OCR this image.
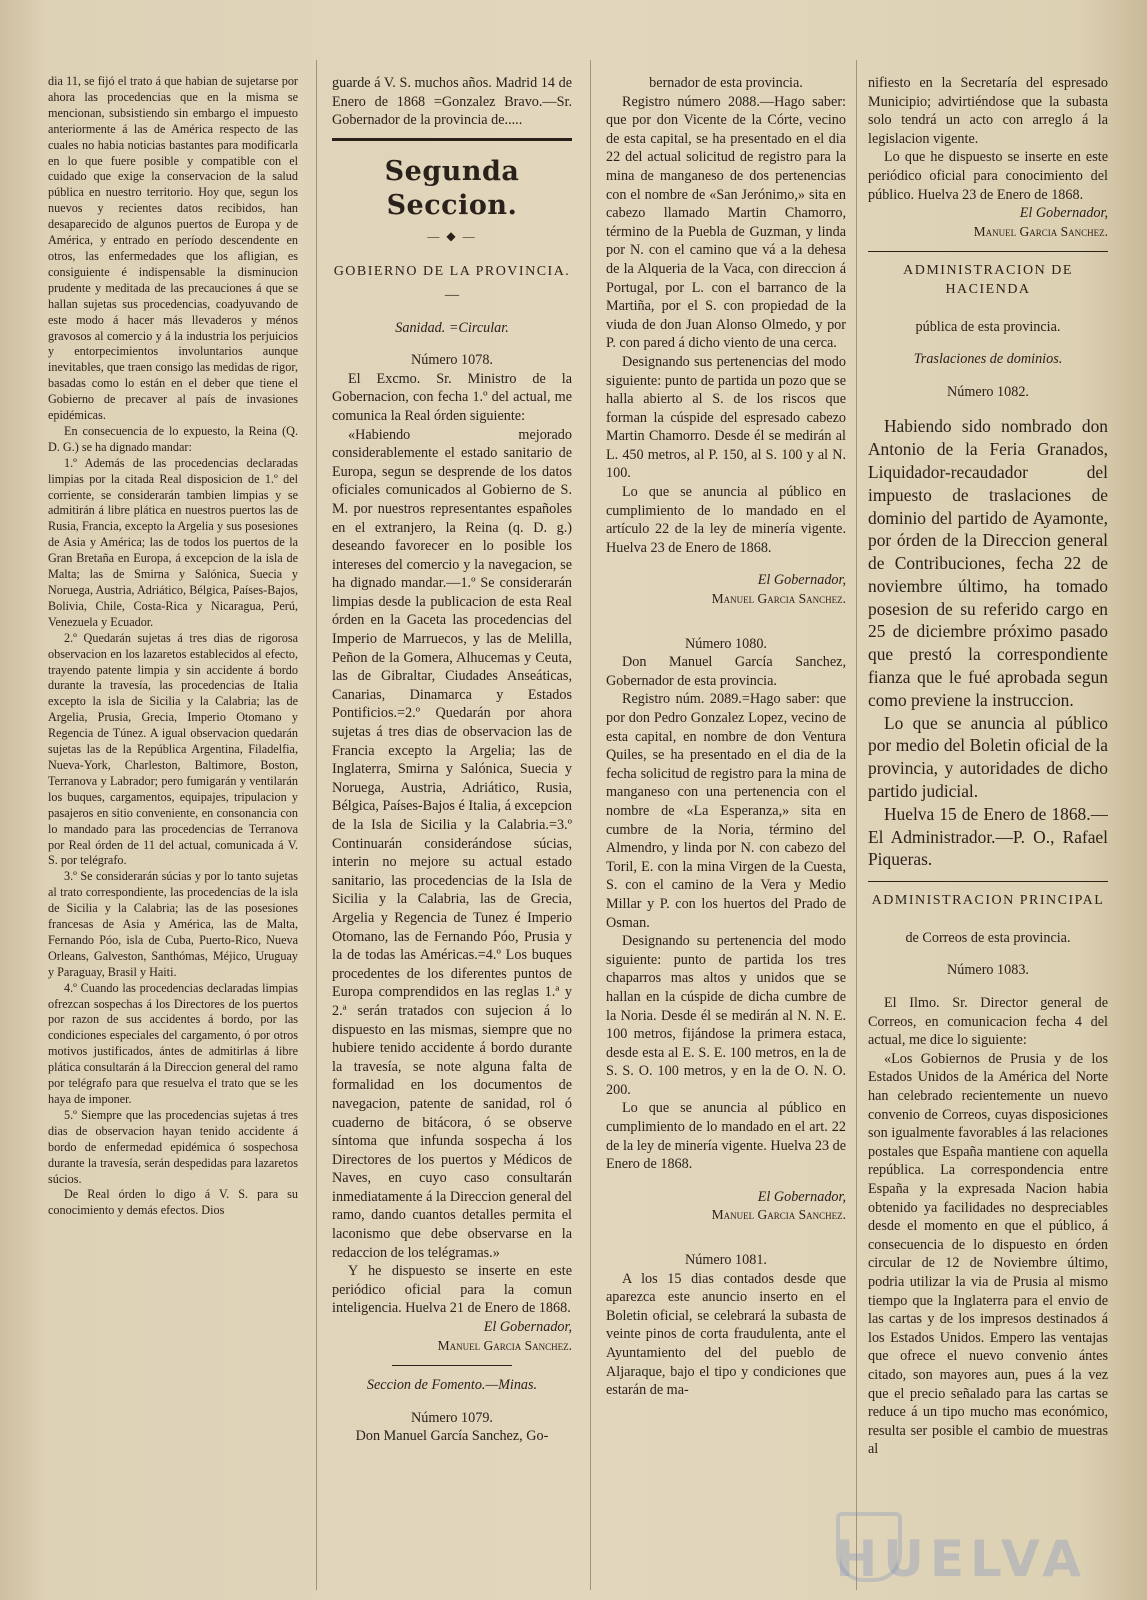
dia 11, se fijó el trato á que habian de sujetarse por ahora las procedencias que en la misma se mencionan, subsistiendo sin embargo el impuesto anteriormente á las de América respecto de las cuales no habia noticias bastantes para modificarla en lo que fuere posible y compatible con el cuidado que exige la conservacion de la salud pública en nuestro territorio. Hoy que, segun los nuevos y recientes datos recibidos, han desaparecido de algunos puertos de Europa y de América, y entrado en período descendente en otros, las enfermedades que los afligian, es consiguiente é indispensable la disminucion prudente y meditada de las precauciones á que se hallan sujetas sus procedencias, coadyuvando de este modo á hacer más llevaderos y ménos gravosos al comercio y á la industria los perjuicios y entorpecimientos involuntarios aunque inevitables, que traen consigo las medidas de rigor, basadas como lo están en el deber que tiene el Gobierno de precaver al país de invasiones epidémicas.

En consecuencia de lo expuesto, la Reina (Q. D. G.) se ha dignado mandar:

1.º Además de las procedencias declaradas limpias por la citada Real disposicion de 1.º del corriente, se considerarán tambien limpias y se admitirán á libre plática en nuestros puertos las de Rusia, Francia, excepto la Argelia y sus posesiones de Asia y América; las de todos los puertos de la Gran Bretaña en Europa, á excepcion de la isla de Malta; las de Smirna y Salónica, Suecia y Noruega, Austria, Adriático, Bélgica, Países-Bajos, Bolivia, Chile, Costa-Rica y Nicaragua, Perú, Venezuela y Ecuador.

2.º Quedarán sujetas á tres dias de rigorosa observacion en los lazaretos establecidos al efecto, trayendo patente limpia y sin accidente á bordo durante la travesía, las procedencias de Italia excepto la isla de Sicilia y la Calabria; las de Argelia, Prusia, Grecia, Imperio Otomano y Regencia de Túnez. A igual observacion quedarán sujetas las de la República Argentina, Filadelfia, Nueva-York, Charleston, Baltimore, Boston, Terranova y Labrador; pero fumigarán y ventilarán los buques, cargamentos, equipajes, tripulacion y pasajeros en sitio conveniente, en consonancia con lo mandado para las procedencias de Terranova por Real órden de 11 del actual, comunicada á V. S. por telégrafo.

3.º Se considerarán súcias y por lo tanto sujetas al trato correspondiente, las procedencias de la isla de Sicilia y la Calabria; las de las posesiones francesas de Asia y América, las de Malta, Fernando Póo, isla de Cuba, Puerto-Rico, Nueva Orleans, Galveston, Santhómas, Méjico, Uruguay y Paraguay, Brasil y Haiti.

4.º Cuando las procedencias declaradas limpias ofrezcan sospechas á los Directores de los puertos por razon de sus accidentes á bordo, por las condiciones especiales del cargamento, ó por otros motivos justificados, ántes de admitirlas á libre plática consultarán á la Direccion general del ramo por telégrafo para que resuelva el trato que se les haya de imponer.

5.º Siempre que las procedencias sujetas á tres dias de observacion hayan tenido accidente á bordo de enfermedad epidémica ó sospechosa durante la travesía, serán despedidas para lazaretos súcios.

De Real órden lo digo á V. S. para su conocimiento y demás efectos. Dios

guarde á V. S. muchos años. Madrid 14 de Enero de 1868 =Gonzalez Bravo.—Sr. Gobernador de la provincia de.....

Segunda Seccion.
— ◆ —
GOBIERNO DE LA PROVINCIA.
—

Sanidad. =Circular.

Número 1078.

El Excmo. Sr. Ministro de la Gobernacion, con fecha 1.º del actual, me comunica la Real órden siguiente:

«Habiendo mejorado considerablemente el estado sanitario de Europa, segun se desprende de los datos oficiales comunicados al Gobierno de S. M. por nuestros representantes españoles en el extranjero, la Reina (q. D. g.) deseando favorecer en lo posible los intereses del comercio y la navegacion, se ha dignado mandar.—1.º Se considerarán limpias desde la publicacion de esta Real órden en la Gaceta las procedencias del Imperio de Marruecos, y las de Melilla, Peñon de la Gomera, Alhucemas y Ceuta, las de Gibraltar, Ciudades Anseáticas, Canarias, Dinamarca y Estados Pontificios.=2.º Quedarán por ahora sujetas á tres dias de observacion las de Francia excepto la Argelia; las de Inglaterra, Smirna y Salónica, Suecia y Noruega, Austria, Adriático, Rusia, Bélgica, Países-Bajos é Italia, á excepcion de la Isla de Sicilia y la Calabria.=3.º Continuarán considerándose súcias, interin no mejore su actual estado sanitario, las procedencias de la Isla de Sicilia y la Calabria, las de Grecia, Argelia y Regencia de Tunez é Imperio Otomano, las de Fernando Póo, Prusia y la de todas las Américas.=4.º Los buques procedentes de los diferentes puntos de Europa comprendidos en las reglas 1.ª y 2.ª serán tratados con sujecion á lo dispuesto en las mismas, siempre que no hubiere tenido accidente á bordo durante la travesía, se note alguna falta de formalidad en los documentos de navegacion, patente de sanidad, rol ó cuaderno de bitácora, ó se observe síntoma que infunda sospecha á los Directores de los puertos y Médicos de Naves, en cuyo caso consultarán inmediatamente á la Direccion general del ramo, dando cuantos detalles permita el laconismo que debe observarse en la redaccion de los telégramas.»

Y he dispuesto se inserte en este periódico oficial para la comun inteligencia. Huelva 21 de Enero de 1868.

El Gobernador,

Manuel Garcia Sanchez.

Seccion de Fomento.—Minas.

Número 1079.

Don Manuel García Sanchez, Go-

bernador de esta provincia.

Registro número 2088.—Hago saber: que por don Vicente de la Córte, vecino de esta capital, se ha presentado en el dia 22 del actual solicitud de registro para la mina de manganeso de dos pertenencias con el nombre de «San Jerónimo,» sita en cabezo llamado Martin Chamorro, término de la Puebla de Guzman, y linda por N. con el camino que vá a la dehesa de la Alqueria de la Vaca, con direccion á Portugal, por L. con el barranco de la Martiña, por el S. con propiedad de la viuda de don Juan Alonso Olmedo, y por P. con pared á dicho viento de una cerca.

Designando sus pertenencias del modo siguiente: punto de partida un pozo que se halla abierto al S. de los riscos que forman la cúspide del espresado cabezo Martin Chamorro. Desde él se medirán al L. 450 metros, al P. 150, al S. 100 y al N. 100.

Lo que se anuncia al público en cumplimiento de lo mandado en el artículo 22 de la ley de minería vigente. Huelva 23 de Enero de 1868.

El Gobernador,

Manuel Garcia Sanchez.

Número 1080.

Don Manuel García Sanchez, Gobernador de esta provincia.

Registro núm. 2089.=Hago saber: que por don Pedro Gonzalez Lopez, vecino de esta capital, en nombre de don Ventura Quiles, se ha presentado en el dia de la fecha solicitud de registro para la mina de manganeso con una pertenencia con el nombre de «La Esperanza,» sita en cumbre de la Noria, término del Almendro, y linda por N. con cabezo del Toril, E. con la mina Virgen de la Cuesta, S. con el camino de la Vera y Medio Millar y P. con los huertos del Prado de Osman.

Designando su pertenencia del modo siguiente: punto de partida los tres chaparros mas altos y unidos que se hallan en la cúspide de dicha cumbre de la Noria. Desde él se medirán al N. N. E. 100 metros, fijándose la primera estaca, desde esta al E. S. E. 100 metros, en la de S. S. O. 100 metros, y en la de O. N. O. 200.

Lo que se anuncia al público en cumplimiento de lo mandado en el art. 22 de la ley de minería vigente. Huelva 23 de Enero de 1868.

El Gobernador,

Manuel Garcia Sanchez.

Número 1081.

A los 15 dias contados desde que aparezca este anuncio inserto en el Boletin oficial, se celebrará la subasta de veinte pinos de corta fraudulenta, ante el Ayuntamiento del del pueblo de Aljaraque, bajo el tipo y condiciones que estarán de ma-

nifiesto en la Secretaría del espresado Municipio; advirtiéndose que la subasta solo tendrá un acto con arreglo á la legislacion vigente.

Lo que he dispuesto se inserte en este periódico oficial para conocimiento del público. Huelva 23 de Enero de 1868.

El Gobernador,

Manuel Garcia Sanchez.

ADMINISTRACION DE HACIENDA

pública de esta provincia.

Traslaciones de dominios.

Número 1082.

Habiendo sido nombrado don Antonio de la Feria Granados, Liquidador-recaudador del impuesto de traslaciones de dominio del partido de Ayamonte, por órden de la Direccion general de Contribuciones, fecha 22 de noviembre último, ha tomado posesion de su referido cargo en 25 de diciembre próximo pasado que prestó la correspondiente fianza que le fué aprobada segun como previene la instruccion.

Lo que se anuncia al público por medio del Boletin oficial de la provincia, y autoridades de dicho partido judicial.

Huelva 15 de Enero de 1868.—El Administrador.—P. O., Rafael Piqueras.

ADMINISTRACION PRINCIPAL

de Correos de esta provincia.

Número 1083.

El Ilmo. Sr. Director general de Correos, en comunicacion fecha 4 del actual, me dice lo siguiente:

«Los Gobiernos de Prusia y de los Estados Unidos de la América del Norte han celebrado recientemente un nuevo convenio de Correos, cuyas disposiciones son igualmente favorables á las relaciones postales que España mantiene con aquella república. La correspondencia entre España y la expresada Nacion habia obtenido ya facilidades no despreciables desde el momento en que el público, á consecuencia de lo dispuesto en órden circular de 12 de Noviembre último, podria utilizar la via de Prusia al mismo tiempo que la Inglaterra para el envio de las cartas y de los impresos destinados á los Estados Unidos. Empero las ventajas que ofrece el nuevo convenio ántes citado, son mayores aun, pues á la vez que el precio señalado para las cartas se reduce á un tipo mucho mas económico, resulta ser posible el cambio de muestras al

HUELVA
